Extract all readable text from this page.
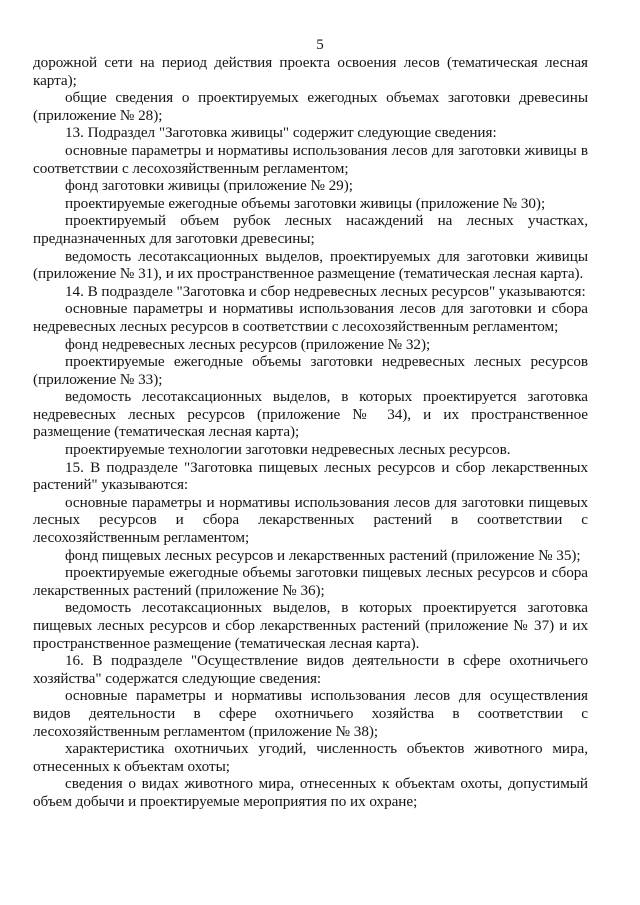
5

дорожной сети на период действия проекта освоения лесов (тематическая лесная карта);

общие сведения о проектируемых ежегодных объемах заготовки древесины (приложение № 28);

13. Подраздел "Заготовка живицы" содержит следующие сведения:

основные параметры и нормативы использования лесов для заготовки живицы в соответствии с лесохозяйственным регламентом;

фонд заготовки живицы (приложение № 29);

проектируемые ежегодные объемы заготовки живицы (приложение № 30);

проектируемый объем рубок лесных насаждений на лесных участках, предназначенных для заготовки древесины;

ведомость лесотаксационных выделов, проектируемых для заготовки живицы (приложение № 31), и их пространственное размещение (тематическая лесная карта).

14. В подразделе "Заготовка и сбор недревесных лесных ресурсов" указываются:

основные параметры и нормативы использования лесов для заготовки и сбора недревесных лесных ресурсов в соответствии с лесохозяйственным регламентом;

фонд недревесных лесных ресурсов (приложение № 32);

проектируемые ежегодные объемы заготовки недревесных лесных ресурсов (приложение № 33);

ведомость лесотаксационных выделов, в которых проектируется заготовка недревесных лесных ресурсов (приложение № 34), и их пространственное размещение (тематическая лесная карта);

проектируемые технологии заготовки недревесных лесных ресурсов.

15. В подразделе "Заготовка пищевых лесных ресурсов и сбор лекарственных растений" указываются:

основные параметры и нормативы использования лесов для заготовки пищевых лесных ресурсов и сбора лекарственных растений в соответствии с лесохозяйственным регламентом;

фонд пищевых лесных ресурсов и лекарственных растений (приложение № 35);

проектируемые ежегодные объемы заготовки пищевых лесных ресурсов и сбора лекарственных растений (приложение № 36);

ведомость лесотаксационных выделов, в которых проектируется заготовка пищевых лесных ресурсов и сбор лекарственных растений (приложение № 37) и их пространственное размещение (тематическая лесная карта).

16. В подразделе "Осуществление видов деятельности в сфере охотничьего хозяйства" содержатся следующие сведения:

основные параметры и нормативы использования лесов для осуществления видов деятельности в сфере охотничьего хозяйства в соответствии с лесохозяйственным регламентом (приложение № 38);

характеристика охотничьих угодий, численность объектов животного мира, отнесенных к объектам охоты;

сведения о видах животного мира, отнесенных к объектам охоты, допустимый объем добычи и проектируемые мероприятия по их охране;
